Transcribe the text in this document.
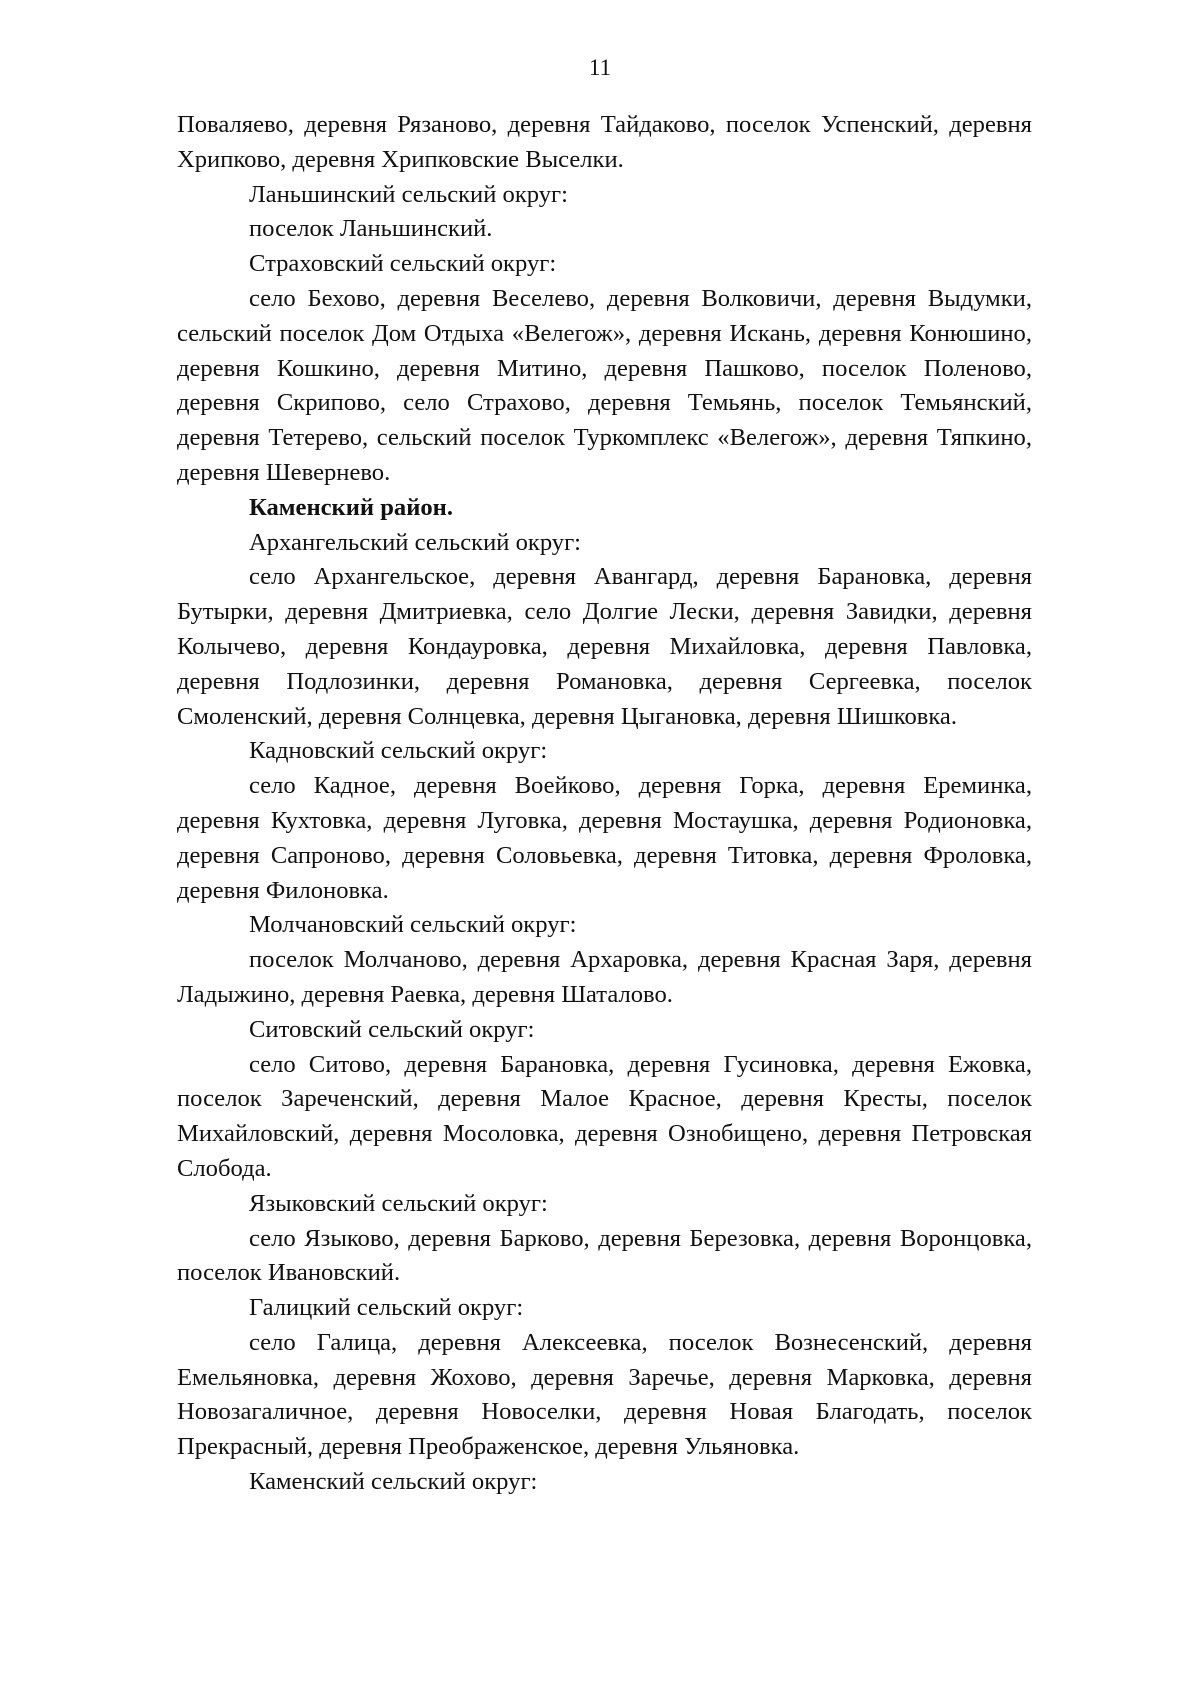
11

Поваляево, деревня Рязаново, деревня Тайдаково, поселок Успенский, деревня Хрипково, деревня Хрипковские Выселки.

Ланьшинский сельский округ:

поселок Ланьшинский.

Страховский сельский округ:

село Бехово, деревня Веселево, деревня Волковичи, деревня Выдумки, сельский поселок Дом Отдыха «Велегож», деревня Искань, деревня Конюшино, деревня Кошкино, деревня Митино, деревня Пашково, поселок Поленово, деревня Скрипово, село Страхово, деревня Темьянь, поселок Темьянский, деревня Тетерево, сельский поселок Туркомплекс «Велегож», деревня Тяпкино, деревня Шевернево.

Каменский район.

Архангельский сельский округ:

село Архангельское, деревня Авангард, деревня Барановка, деревня Бутырки, деревня Дмитриевка, село Долгие Лески, деревня Завидки, деревня Колычево, деревня Кондауровка, деревня Михайловка, деревня Павловка, деревня Подлозинки, деревня Романовка, деревня Сергеевка, поселок Смоленский, деревня Солнцевка, деревня Цыгановка, деревня Шишковка.

Кадновский сельский округ:

село Кадное, деревня Воейково, деревня Горка, деревня Ереминка, деревня Кухтовка, деревня Луговка, деревня Мостаушка, деревня Родионовка, деревня Сапроново, деревня Соловьевка, деревня Титовка, деревня Фроловка, деревня Филоновка.

Молчановский сельский округ:

поселок Молчаново, деревня Архаровка, деревня Красная Заря, деревня Ладыжино, деревня Раевка, деревня Шаталово.

Ситовский сельский округ:

село Ситово, деревня Барановка, деревня Гусиновка, деревня Ежовка, поселок Зареченский, деревня Малое Красное, деревня Кресты, поселок Михайловский, деревня Мосоловка, деревня Ознобищено, деревня Петровская Слобода.

Языковский сельский округ:

село Языково, деревня Барково, деревня Березовка, деревня Воронцовка, поселок Ивановский.

Галицкий сельский округ:

село Галица, деревня Алексеевка, поселок Вознесенский, деревня Емельяновка, деревня Жохово, деревня Заречье, деревня Марковка, деревня Новозагаличное, деревня Новоселки, деревня Новая Благодать, поселок Прекрасный, деревня Преображенское, деревня Ульяновка.

Каменский сельский округ:
